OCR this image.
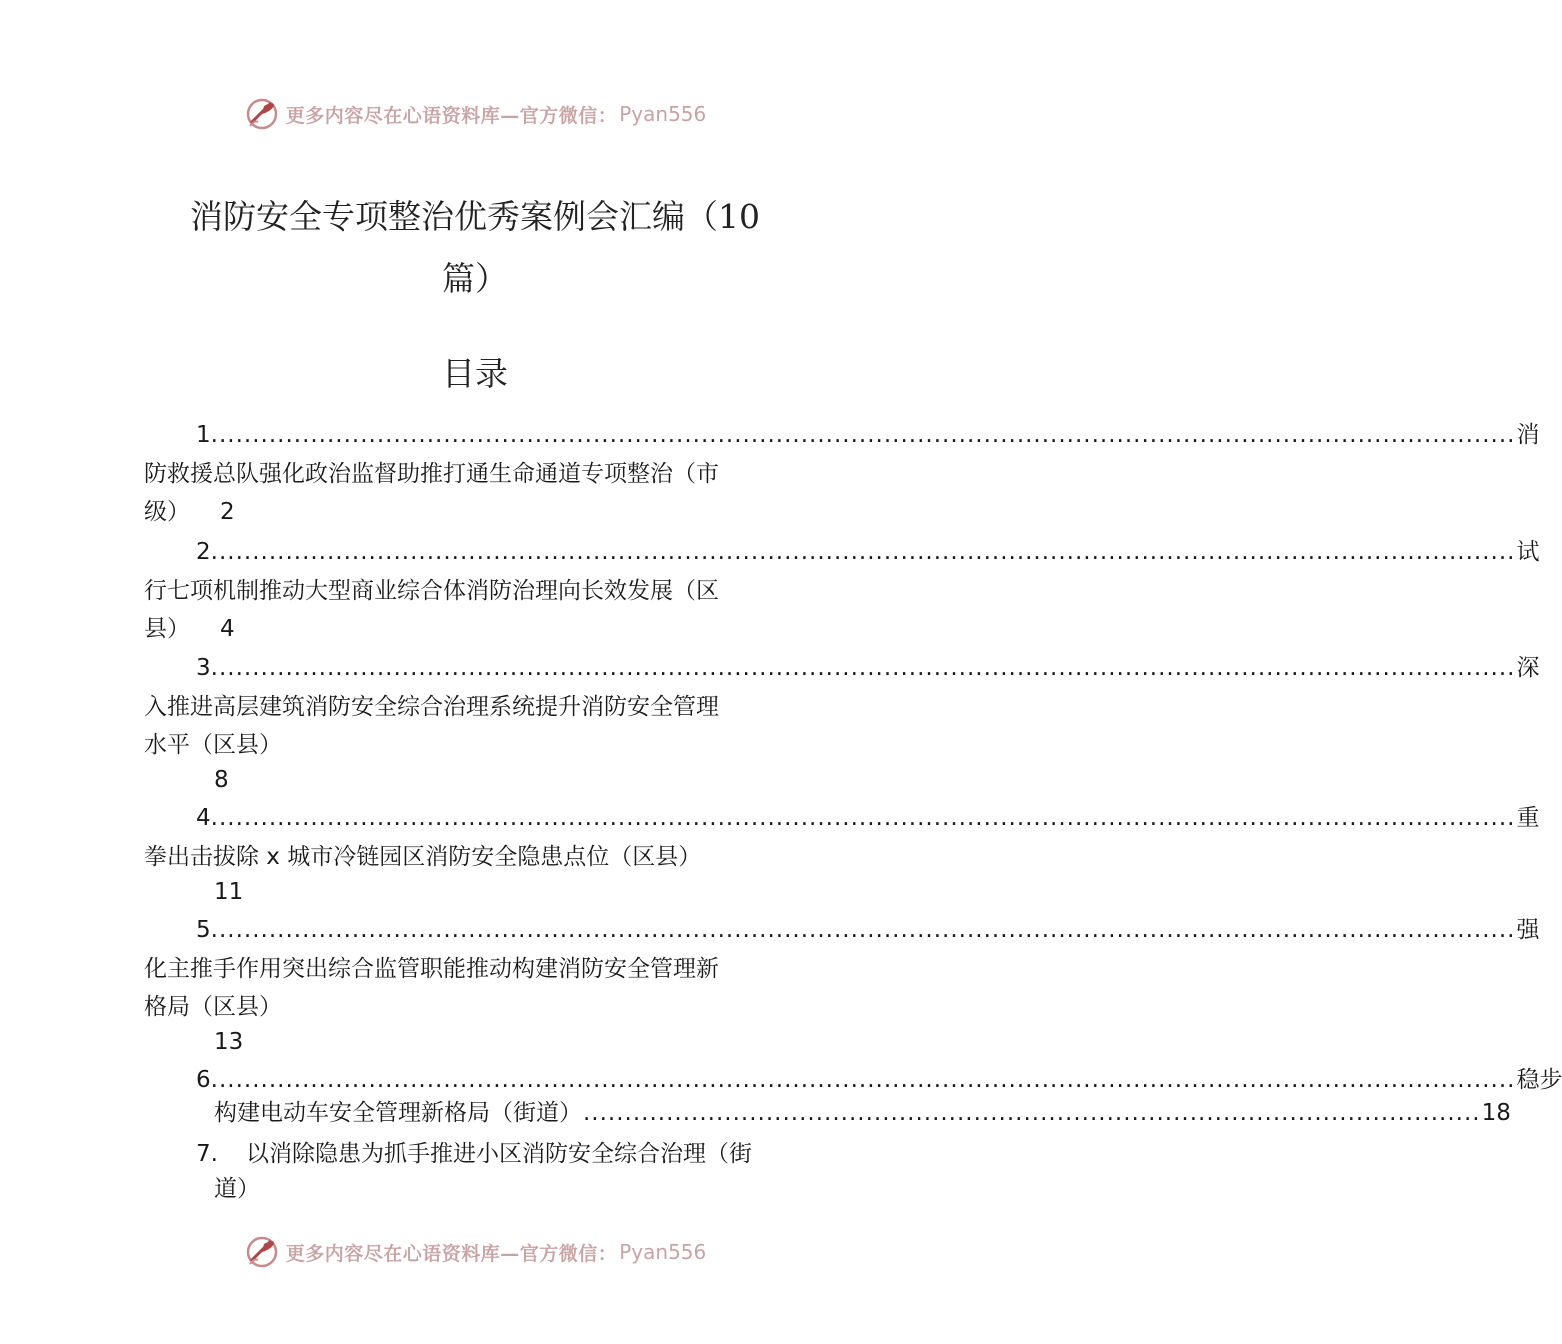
更多内容尽在心语资料库—官方微信： Pyan556
消防安全专项整治优秀案例会汇编（10
篇）
目录
1. ............................................................................................................................................................ 消
防救援总队强化政治监督助推打通生命通道专项整治（市
级） 2
2. ............................................................................................................................................................ 试
行七项机制推动大型商业综合体消防治理向长效发展（区
县） 4
3. ............................................................................................................................................................ 深
入推进高层建筑消防安全综合治理系统提升消防安全管理
水平（区县）
8
4. ............................................................................................................................................................ 重
拳出击拔除 x 城市冷链园区消防安全隐患点位（区县）
11
5. ............................................................................................................................................................ 强
化主推手作用突出综合监管职能推动构建消防安全管理新
格局（区县）
13
6. ............................................................................................................................................................ 稳步
构建电动车安全管理新格局（街道） ............................................................................................................ 18
7. 以消除隐患为抓手推进小区消防安全综合治理（街
道）
更多内容尽在心语资料库—官方微信： Pyan556
